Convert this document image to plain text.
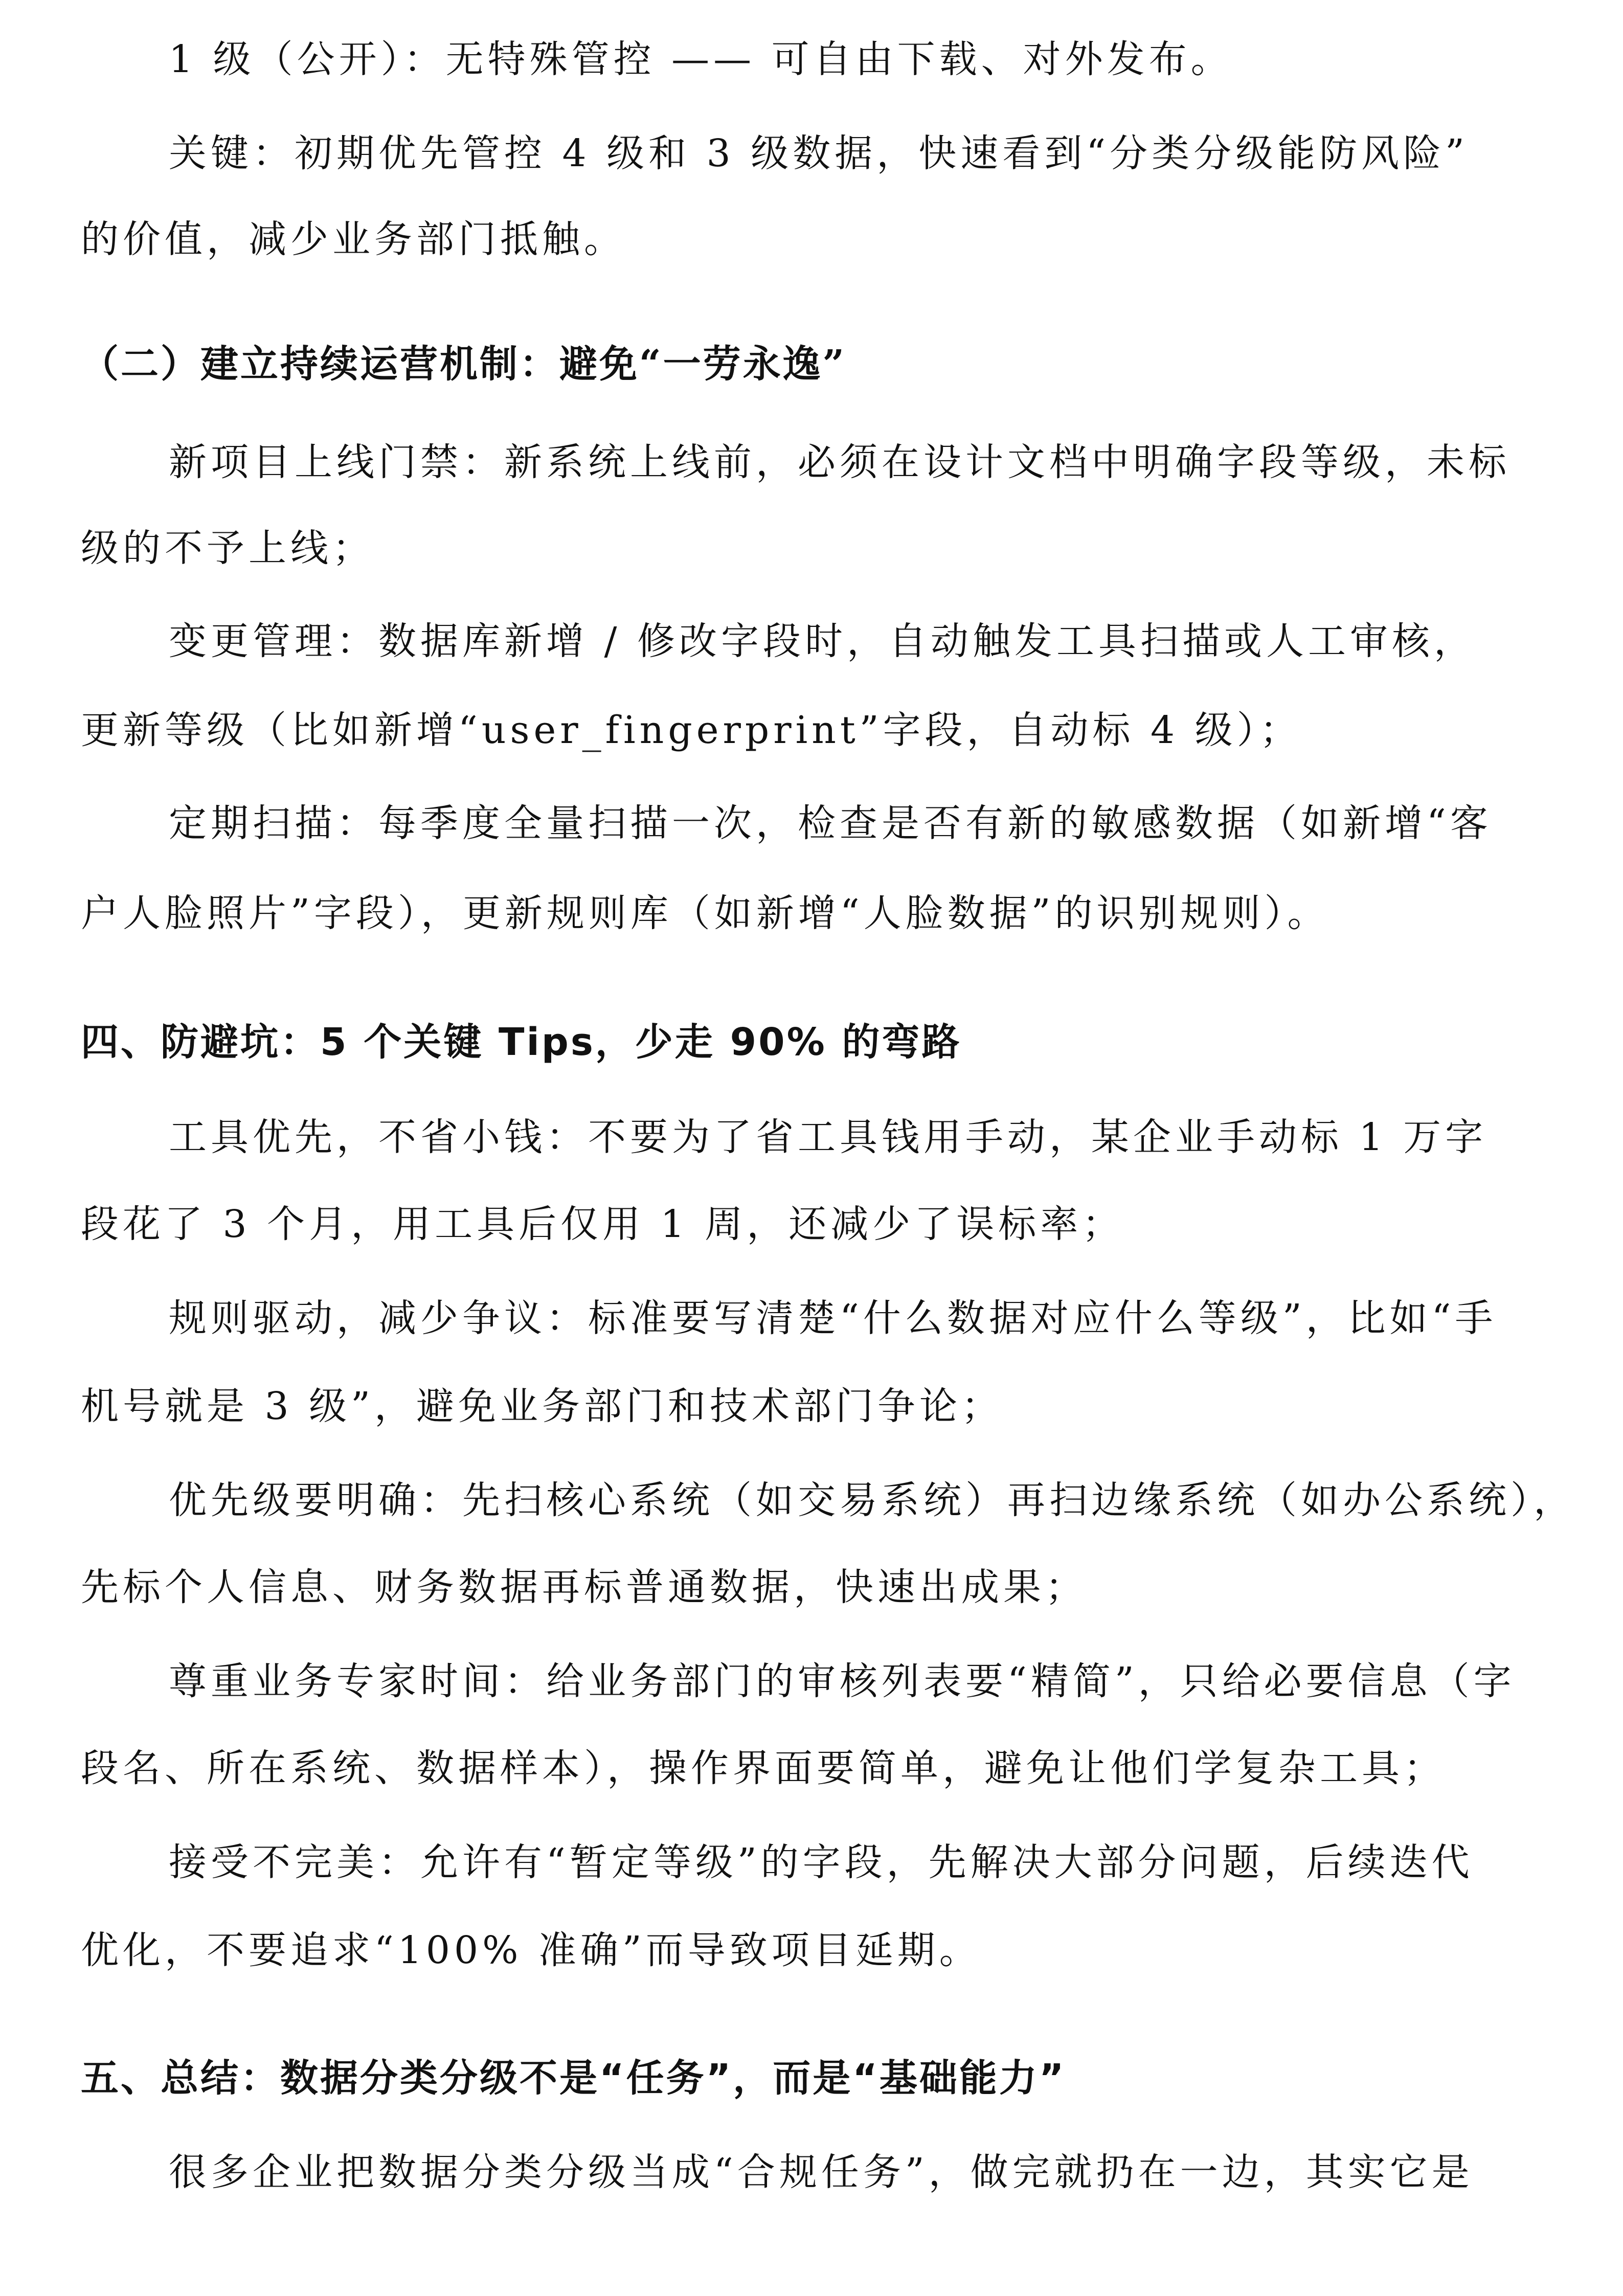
1 级（公开）：无特殊管控 —— 可自由下载、对外发布。
关键：初期优先管控 4 级和 3 级数据，快速看到“分类分级能防风险”
的价值，减少业务部门抵触。
（二）建立持续运营机制：避免“一劳永逸”
新项目上线门禁：新系统上线前，必须在设计文档中明确字段等级，未标
级的不予上线；
变更管理：数据库新增 / 修改字段时，自动触发工具扫描或人工审核，
更新等级（比如新增“user_fingerprint”字段，自动标 4 级）；
定期扫描：每季度全量扫描一次，检查是否有新的敏感数据（如新增“客
户人脸照片”字段），更新规则库（如新增“人脸数据”的识别规则）。
四、防避坑：5 个关键 Tips，少走 90% 的弯路
工具优先，不省小钱：不要为了省工具钱用手动，某企业手动标 1 万字
段花了 3 个月，用工具后仅用 1 周，还减少了误标率；
规则驱动，减少争议：标准要写清楚“什么数据对应什么等级”，比如“手
机号就是 3 级”，避免业务部门和技术部门争论；
优先级要明确：先扫核心系统（如交易系统）再扫边缘系统（如办公系统），
先标个人信息、财务数据再标普通数据，快速出成果；
尊重业务专家时间：给业务部门的审核列表要“精简”，只给必要信息（字
段名、所在系统、数据样本），操作界面要简单，避免让他们学复杂工具；
接受不完美：允许有“暂定等级”的字段，先解决大部分问题，后续迭代
优化，不要追求“100% 准确”而导致项目延期。
五、总结：数据分类分级不是“任务”，而是“基础能力”
很多企业把数据分类分级当成“合规任务”，做完就扔在一边，其实它是
